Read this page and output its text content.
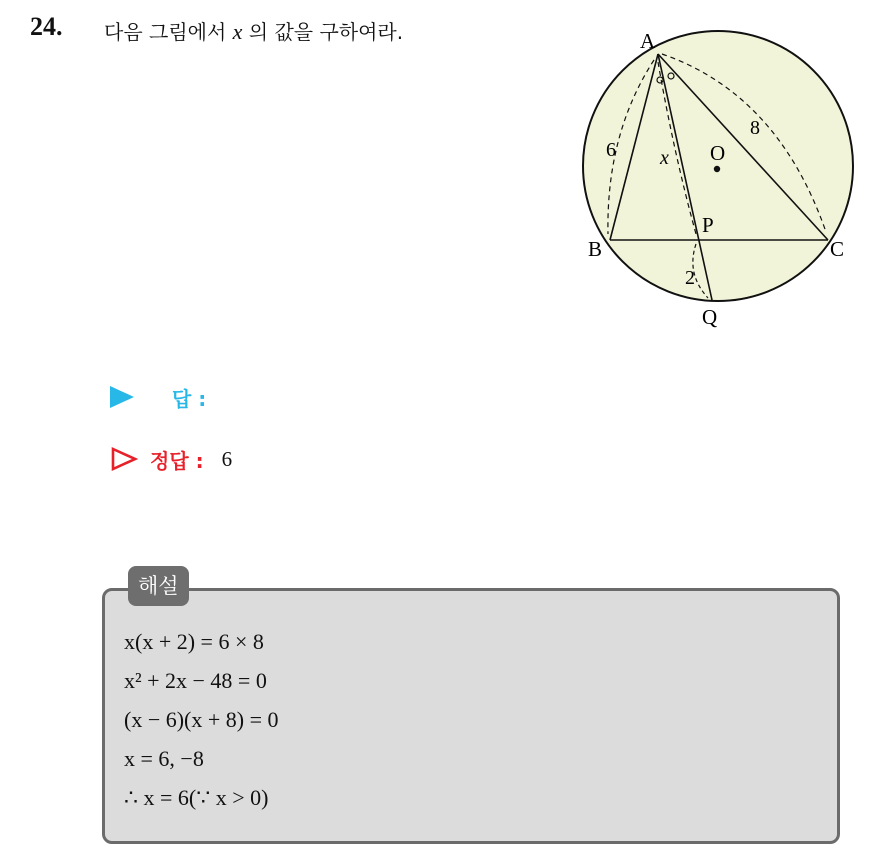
24. 다음 그림에서 x 의 값을 구하여라.	A
B	C
O
P
Q
6
8
x
2
답 :
정답 : 6
해설
x(x + 2) = 6 × 8
x² + 2x − 48 = 0
(x − 6)(x + 8) = 0
x = 6, −8
∴ x = 6(∵ x > 0)
